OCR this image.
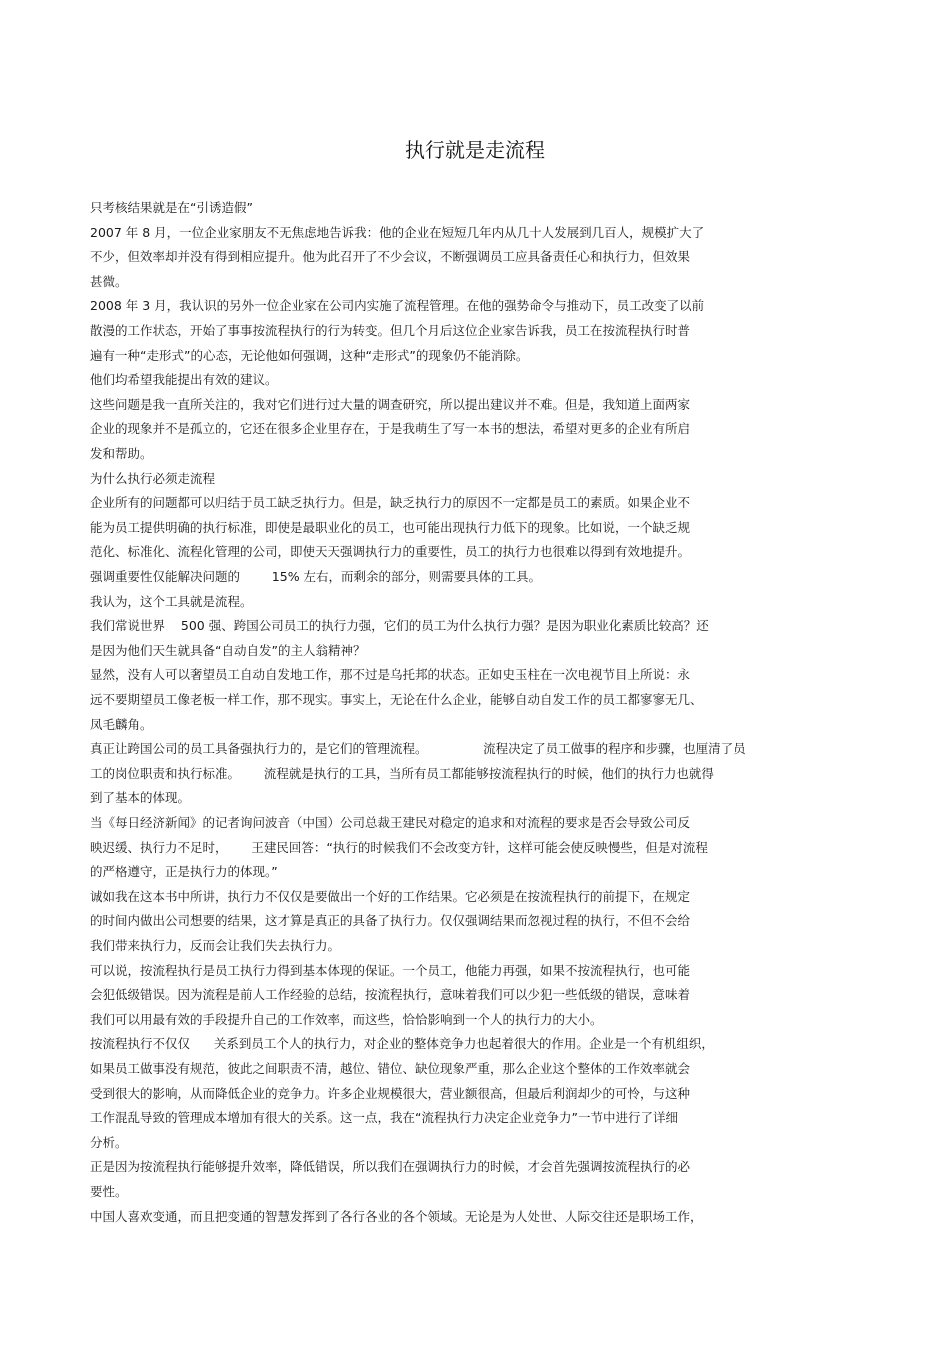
执行就是走流程
只考核结果就是在“引诱造假”
2007 年 8 月，一位企业家朋友不无焦虑地告诉我：他的企业在短短几年内从几十人发展到几百人，规模扩大了
不少，但效率却并没有得到相应提升。他为此召开了不少会议，不断强调员工应具备责任心和执行力，但效果
甚微。
2008 年 3 月，我认识的另外一位企业家在公司内实施了流程管理。在他的强势命令与推动下，员工改变了以前
散漫的工作状态，开始了事事按流程执行的行为转变。但几个月后这位企业家告诉我，员工在按流程执行时普
遍有一种“走形式”的心态，无论他如何强调，这种“走形式”的现象仍不能消除。
他们均希望我能提出有效的建议。
这些问题是我一直所关注的，我对它们进行过大量的调查研究，所以提出建议并不难。但是，我知道上面两家
企业的现象并不是孤立的，它还在很多企业里存在，于是我萌生了写一本书的想法，希望对更多的企业有所启
发和帮助。
为什么执行必须走流程
企业所有的问题都可以归结于员工缺乏执行力。但是，缺乏执行力的原因不一定都是员工的素质。如果企业不
能为员工提供明确的执行标准，即使是最职业化的员工，也可能出现执行力低下的现象。比如说，一个缺乏规
范化、标准化、流程化管理的公司，即使天天强调执行力的重要性，员工的执行力也很难以得到有效地提升。
强调重要性仅能解决问题的        15% 左右，而剩余的部分，则需要具体的工具。
我认为，这个工具就是流程。
我们常说世界    500 强、跨国公司员工的执行力强，它们的员工为什么执行力强？是因为职业化素质比较高？还
是因为他们天生就具备“自动自发”的主人翁精神？
显然，没有人可以奢望员工自动自发地工作，那不过是乌托邦的状态。正如史玉柱在一次电视节目上所说：永
远不要期望员工像老板一样工作，那不现实。事实上，无论在什么企业，能够自动自发工作的员工都寥寥无几、
凤毛麟角。
真正让跨国公司的员工具备强执行力的，是它们的管理流程。              流程决定了员工做事的程序和步骤，也厘清了员
工的岗位职责和执行标准。      流程就是执行的工具，当所有员工都能够按流程执行的时候，他们的执行力也就得
到了基本的体现。
当《每日经济新闻》的记者询问波音（中国）公司总裁王建民对稳定的追求和对流程的要求是否会导致公司反
映迟缓、执行力不足时，      王建民回答：“执行的时候我们不会改变方针，这样可能会使反映慢些，但是对流程
的严格遵守，正是执行力的体现。”
诚如我在这本书中所讲，执行力不仅仅是要做出一个好的工作结果。它必须是在按流程执行的前提下，在规定
的时间内做出公司想要的结果，这才算是真正的具备了执行力。仅仅强调结果而忽视过程的执行，不但不会给
我们带来执行力，反而会让我们失去执行力。
可以说，按流程执行是员工执行力得到基本体现的保证。一个员工，他能力再强，如果不按流程执行，也可能
会犯低级错误。因为流程是前人工作经验的总结，按流程执行，意味着我们可以少犯一些低级的错误，意味着
我们可以用最有效的手段提升自己的工作效率，而这些，恰恰影响到一个人的执行力的大小。
按流程执行不仅仅      关系到员工个人的执行力，对企业的整体竞争力也起着很大的作用。企业是一个有机组织，
如果员工做事没有规范，彼此之间职责不清，越位、错位、缺位现象严重，那么企业这个整体的工作效率就会
受到很大的影响，从而降低企业的竞争力。许多企业规模很大，营业额很高，但最后利润却少的可怜，与这种
工作混乱导致的管理成本增加有很大的关系。这一点，我在“流程执行力决定企业竞争力”一节中进行了详细
分析。
正是因为按流程执行能够提升效率，降低错误，所以我们在强调执行力的时候，才会首先强调按流程执行的必
要性。
中国人喜欢变通，而且把变通的智慧发挥到了各行各业的各个领域。无论是为人处世、人际交往还是职场工作，
